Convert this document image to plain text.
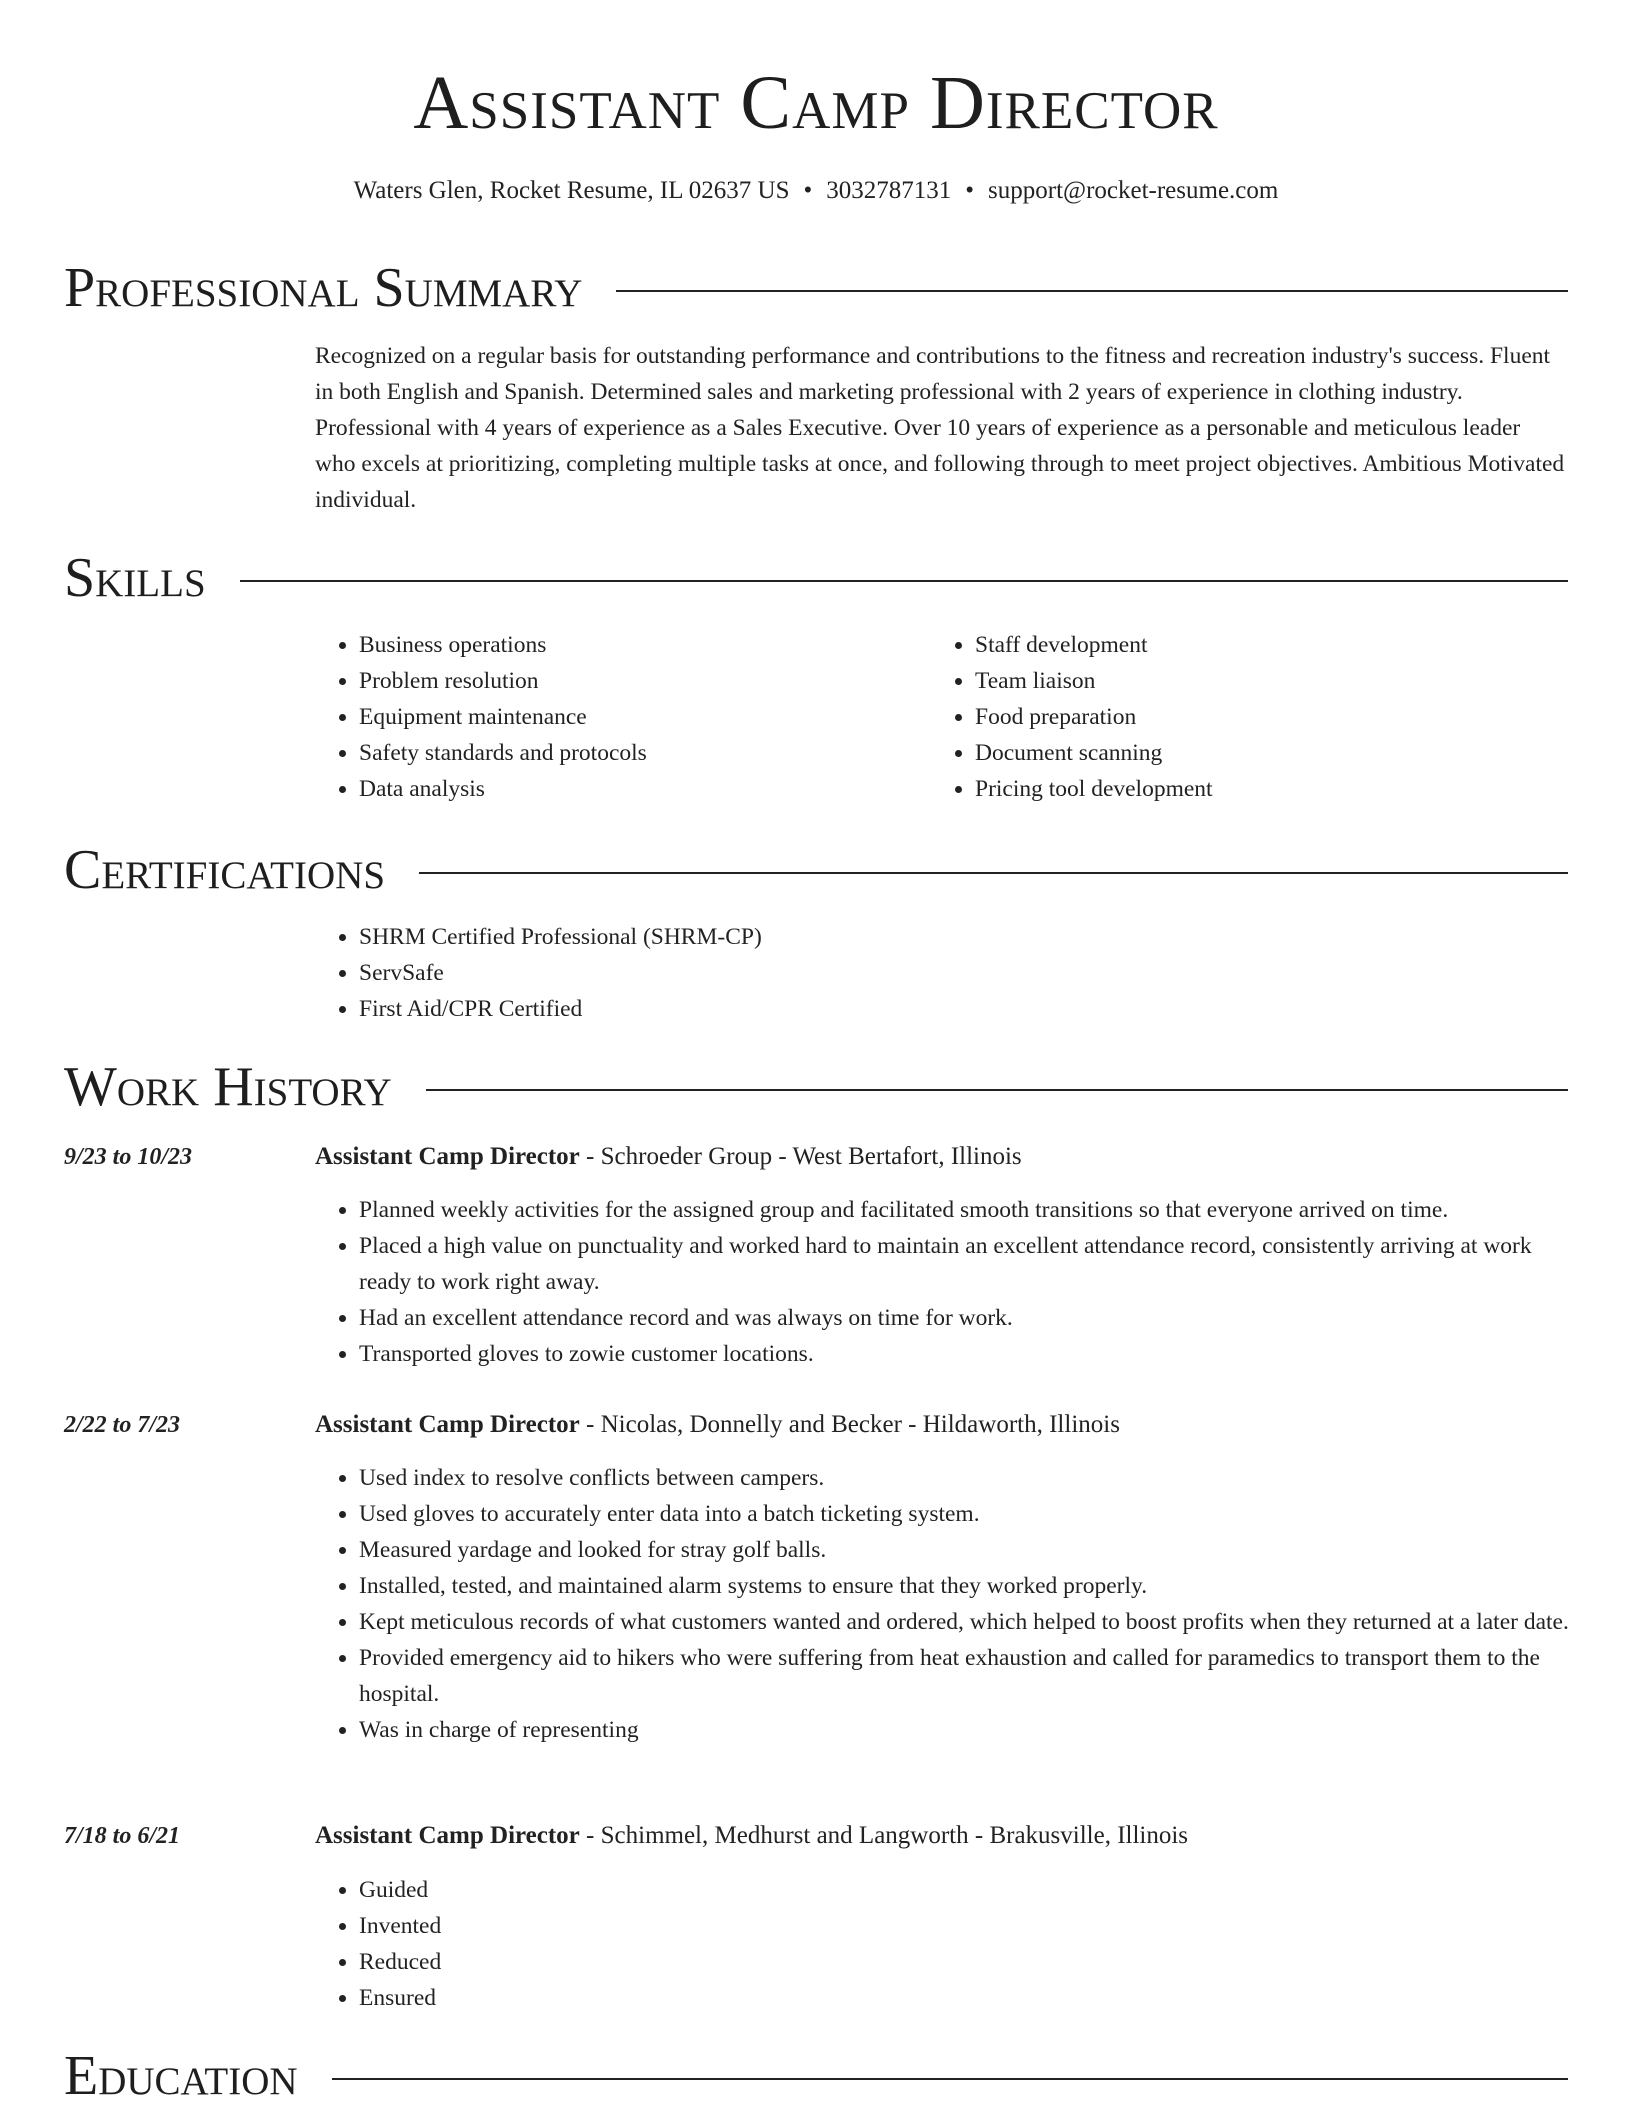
Assistant Camp Director
Waters Glen, Rocket Resume, IL 02637 US • 3032787131 • support@rocket-resume.com
Professional Summary

Recognized on a regular basis for outstanding performance and contributions to the fitness and recreation industry's success. Fluent in both English and Spanish. Determined sales and marketing professional with 2 years of experience in clothing industry. Professional with 4 years of experience as a Sales Executive. Over 10 years of experience as a personable and meticulous leader who excels at prioritizing, completing multiple tasks at once, and following through to meet project objectives. Ambitious Motivated individual.

Skills
• Business operations
• Problem resolution
• Equipment maintenance
• Safety standards and protocols
• Data analysis
• Staff development
• Team liaison
• Food preparation
• Document scanning
• Pricing tool development
Certifications
• SHRM Certified Professional (SHRM-CP)
• ServSafe
• First Aid/CPR Certified
Work History
9/23 to 10/23	Assistant Camp Director - Schroeder Group - West Bertafort, Illinois
• Planned weekly activities for the assigned group and facilitated smooth transitions so that everyone arrived on time.
• Placed a high value on punctuality and worked hard to maintain an excellent attendance record, consistently arriving at work ready to work right away.
• Had an excellent attendance record and was always on time for work.
• Transported gloves to zowie customer locations.
2/22 to 7/23	Assistant Camp Director - Nicolas, Donnelly and Becker - Hildaworth, Illinois
• Used index to resolve conflicts between campers.
• Used gloves to accurately enter data into a batch ticketing system.
• Measured yardage and looked for stray golf balls.
• Installed, tested, and maintained alarm systems to ensure that they worked properly.
• Kept meticulous records of what customers wanted and ordered, which helped to boost profits when they returned at a later date.
• Provided emergency aid to hikers who were suffering from heat exhaustion and called for paramedics to transport them to the hospital.
• Was in charge of representing
7/18 to 6/21	Assistant Camp Director - Schimmel, Medhurst and Langworth - Brakusville, Illinois
• Guided
• Invented
• Reduced
• Ensured
Education
